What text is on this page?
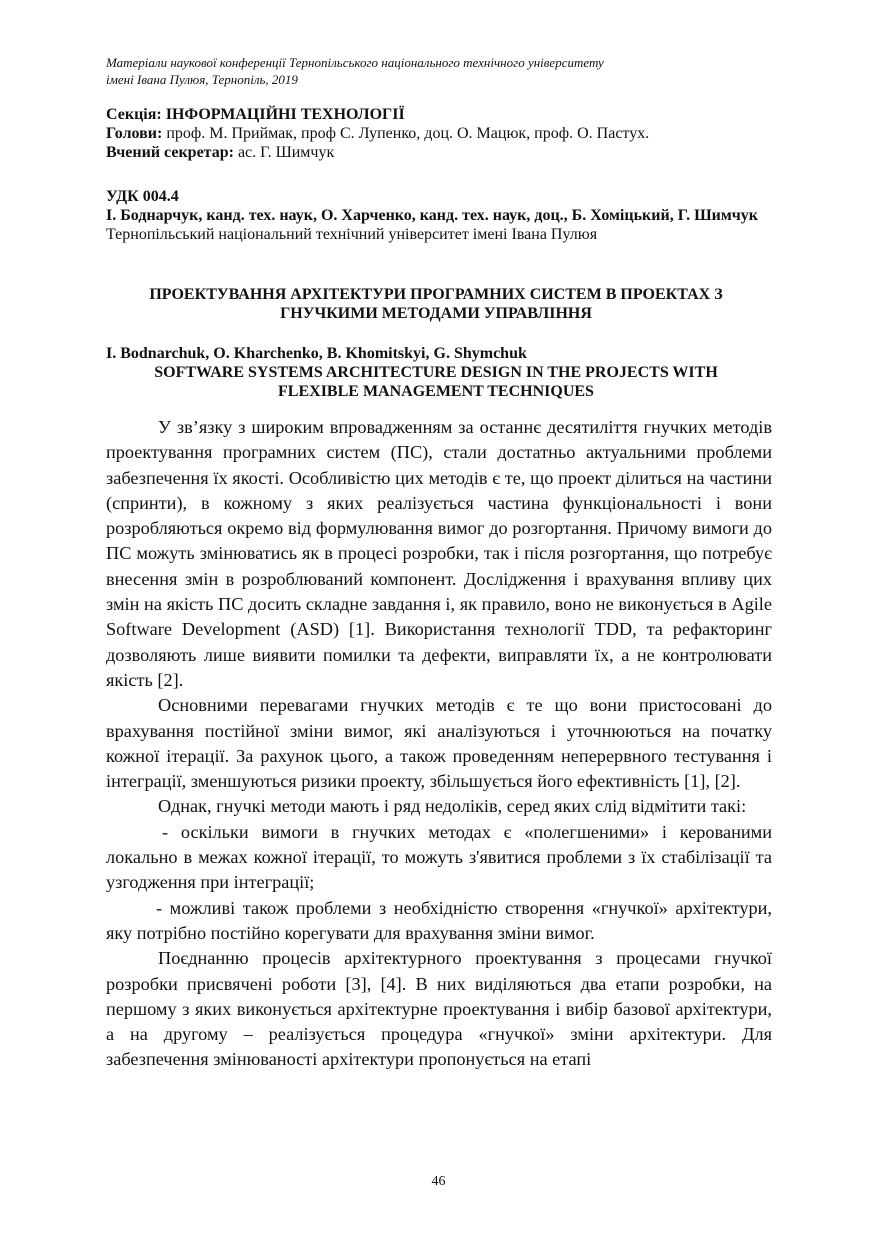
Матеріали наукової конференції Тернопільського національного технічного університету
імені Івана Пулюя, Тернопіль, 2019
Секція: ІНФОРМАЦІЙНІ ТЕХНОЛОГІЇ
Голови: проф. М. Приймак, проф С. Лупенко, доц. О. Мацюк, проф. О. Пастух.
Вчений секретар: ас. Г. Шимчук
УДК 004.4
І. Боднарчук, канд. тех. наук, О. Харченко, канд. тех. наук, доц., Б. Хоміцький, Г. Шимчук
Тернопільський національний технічний університет імені Івана Пулюя
ПРОЕКТУВАННЯ АРХІТЕКТУРИ ПРОГРАМНИХ СИСТЕМ В ПРОЕКТАХ З
ГНУЧКИМИ МЕТОДАМИ УПРАВЛІННЯ
I. Bodnarchuk, O. Kharchenko, B. Khomitskyi, G. Shymchuk
SOFTWARE SYSTEMS ARCHITECTURE DESIGN IN THE PROJECTS WITH
FLEXIBLE MANAGEMENT TECHNIQUES

У зв’язку з широким впровадженням за останнє десятиліття гнучких методів проектування програмних систем (ПС), стали достатньо актуальними проблеми забезпечення їх якості. Особливістю цих методів є те, що проект ділиться на частини (спринти), в кожному з яких реалізується частина функціональності і вони розробляються окремо від формулювання вимог до розгортання. Причому вимоги до ПС можуть змінюватись як в процесі розробки, так і після розгортання, що потребує внесення змін в розроблюваний компонент. Дослідження і врахування впливу цих змін на якість ПС досить складне завдання і, як правило, воно не виконується в Agile Software Development (ASD) [1]. Використання технології TDD, та рефакторинг дозволяють лише виявити помилки та дефекти, виправляти їх, а не контролювати якість [2].

Основними перевагами гнучких методів є те що вони пристосовані до врахування постійної зміни вимог, які аналізуються і уточнюються на початку кожної ітерації. За рахунок цього, а також проведенням неперервного тестування і інтеграції, зменшуються ризики проекту, збільшується його ефективність [1], [2].

Однак, гнучкі методи мають і ряд недоліків, серед яких слід відмітити такі:

- оскільки вимоги в гнучких методах є «полегшеними» і керованими локально в межах кожної ітерації, то можуть з'явитися проблеми з їх стабілізації та узгодження при інтеграції;

- можливі також проблеми з необхідністю створення «гнучкої» архітектури, яку потрібно постійно корегувати для врахування зміни вимог.

Поєднанню процесів архітектурного проектування з процесами гнучкої розробки присвячені роботи [3], [4]. В них виділяються два етапи розробки, на першому з яких виконується архітектурне проектування і вибір базової архітектури, а на другому – реалізується процедура «гнучкої» зміни архітектури. Для забезпечення змінюваності архітектури пропонується на етапі

46
